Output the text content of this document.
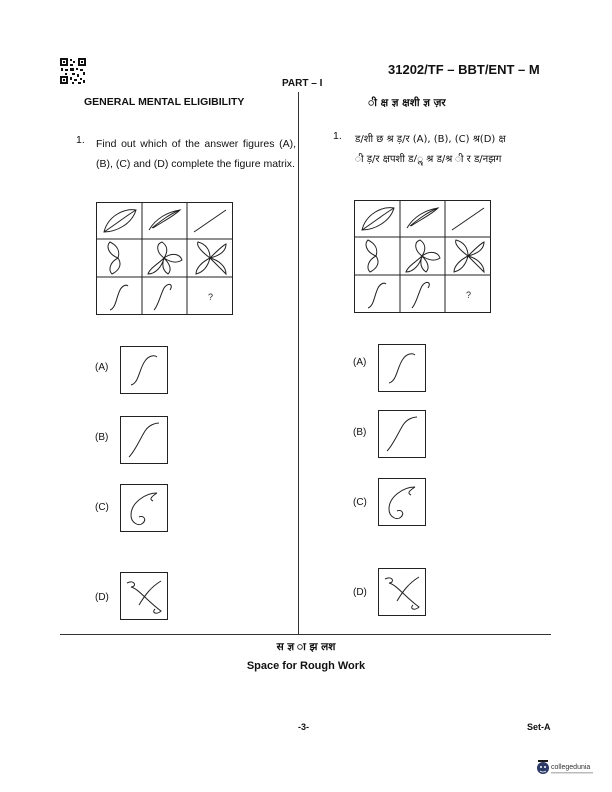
31202/TF – BBT/ENT – M
PART – I
GENERAL MENTAL ELIGIBILITY	ी क्ष ज्ञ क्षशी ज्ञ ज़र
1. Find out which of the answer figures (A), (B), (C) and (D) complete the figure matrix.
1. ड/शी छ श्र ड़/र (A), (B), (C) श्र(D) क्ष
ी ड़/र क्षपशी ड/ॣ श्र ड/श्र ी र ड/नझग
?	?
(A)
(B)
(C)
(D)
(A)
(B)
(C)
(D)
स ज्ञ ा झ लश
Space for Rough Work
-3-	Set-A
collegedunia
